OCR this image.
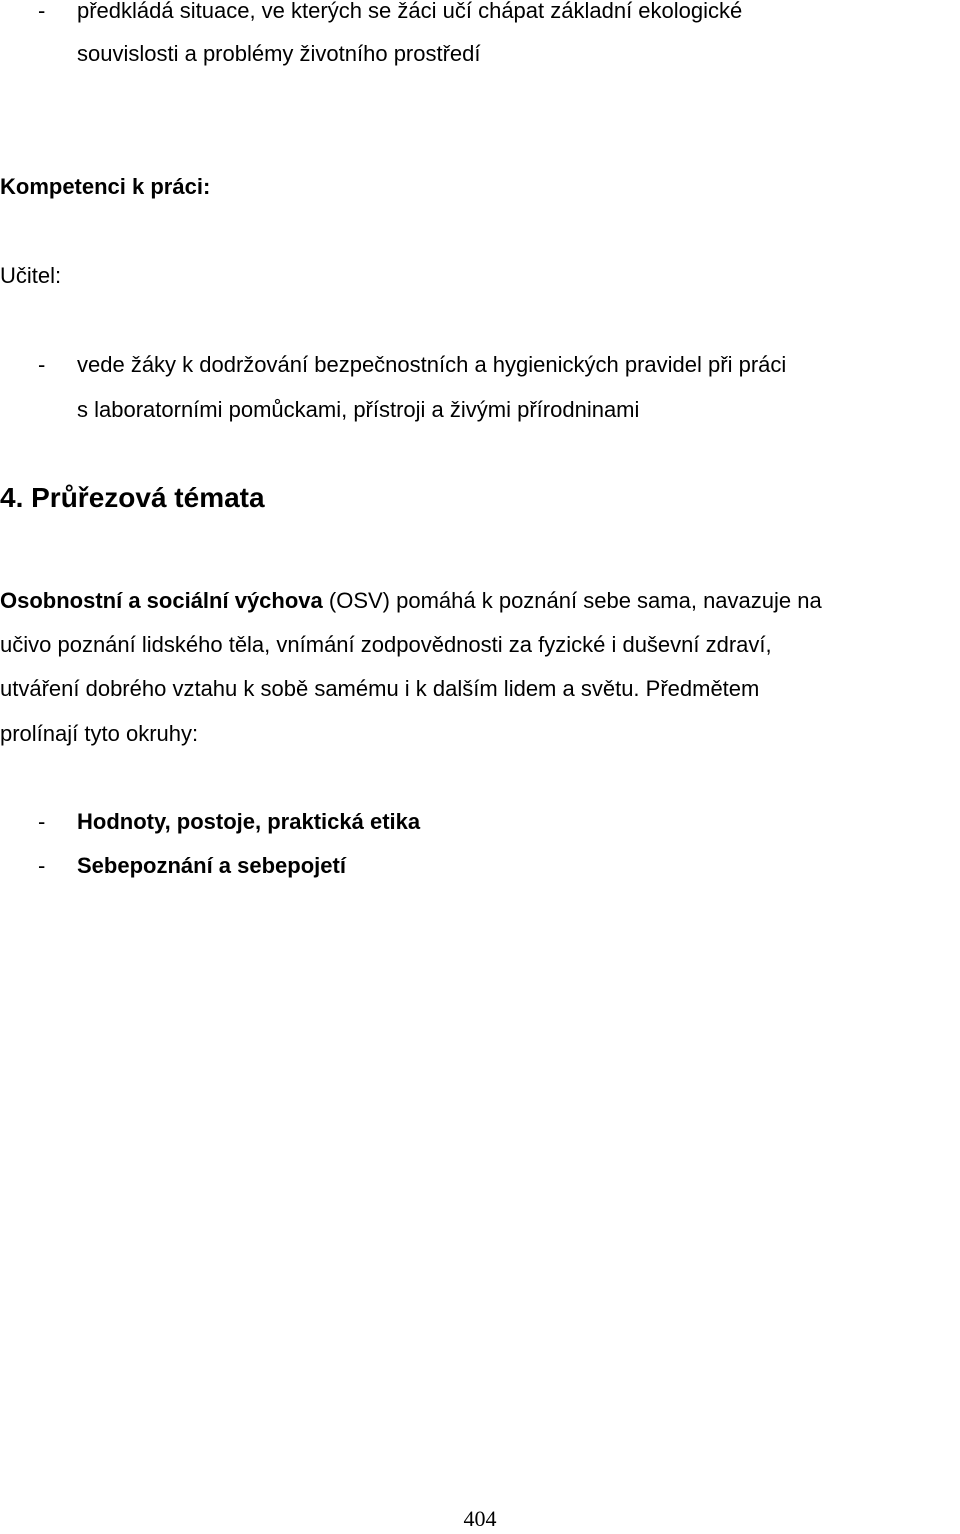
- předkládá situace, ve kterých se žáci učí chápat základní ekologické
souvislosti a problémy životního prostředí
Kompetenci k práci:
Učitel:
- vede žáky k dodržování bezpečnostních a hygienických pravidel při práci
s laboratorními pomůckami, přístroji a živými přírodninami
4. Průřezová témata
Osobnostní a sociální výchova (OSV) pomáhá k poznání sebe sama, navazuje na
učivo poznání lidského těla, vnímání zodpovědnosti za fyzické i duševní zdraví,
utváření dobrého vztahu k sobě samému i k dalším lidem a světu. Předmětem
prolínají tyto okruhy:
- Hodnoty, postoje, praktická etika
- Sebepoznání a sebepojetí
404
